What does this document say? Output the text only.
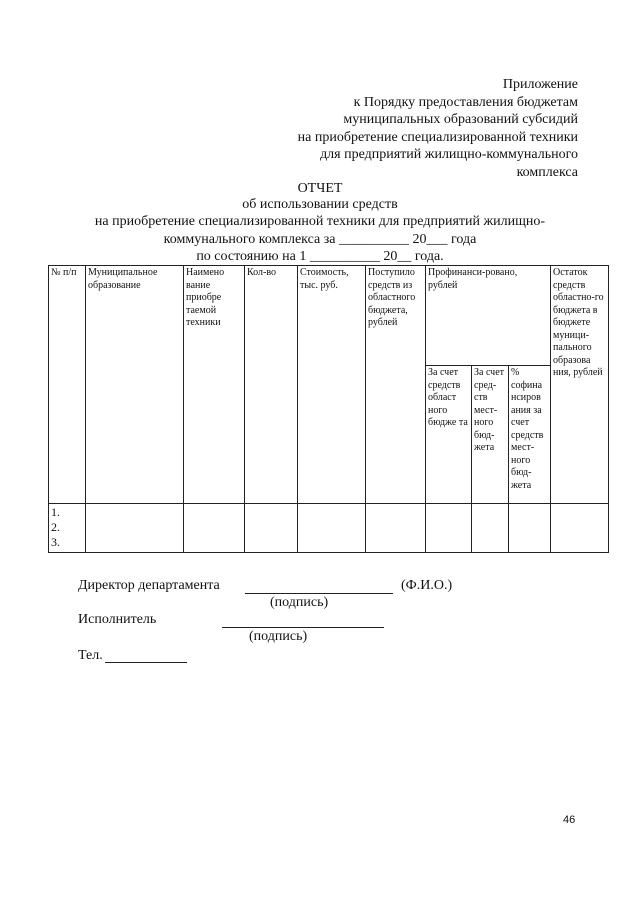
Приложение
к Порядку предоставления бюджетам
муниципальных образований субсидий
на приобретение специализированной техники
для предприятий жилищно-коммунального
комплекса
ОТЧЕТ
об использовании средств
на приобретение специализированной техники для предприятий жилищно-
коммунального комплекса за __________ 20___ года
по состоянию на 1 __________ 20__ года.
№ п/п	Муниципальное образование	Наимено вание приобре таемой техники	Кол-во	Стоимость, тыс. руб.	Поступило средств из областного бюджета, рублей	Профинанси-ровано, рублей			Остаток средств областно-го бюджета в бюджете муници-пального образова ния, рублей
						За счет средств област ного бюдже та	За счет сред-ств мест-ного бюд-жета	% софина нсиров ания за счет средств мест-ного бюд-жета	

1.
2.
3.									

Директор департамента	(Ф.И.О.)
(подпись)
Исполнитель
(подпись)
Тел.
46
